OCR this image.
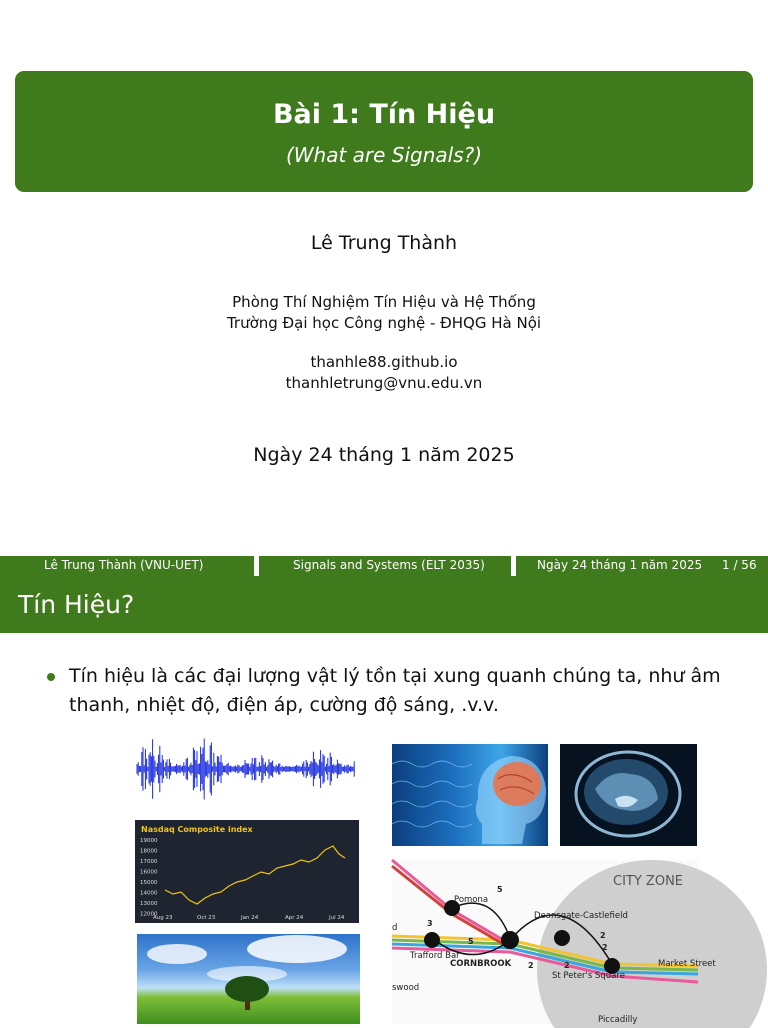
Bài 1: Tín Hiệu
(What are Signals?)
Lê Trung Thành
Phòng Thí Nghiệm Tín Hiệu và Hệ Thống
Trường Đại học Công nghệ - ĐHQG Hà Nội
thanhle88.github.io
thanhletrung@vnu.edu.vn
Ngày 24 tháng 1 năm 2025
Lê Trung Thành (VNU-UET)	Signals and Systems (ELT 2035)	Ngày 24 tháng 1 năm 2025 1 / 56
Tín Hiệu?
Tín hiệu là các đại lượng vật lý tồn tại xung quanh chúng ta, như âm
thanh, nhiệt độ, điện áp, cường độ sáng, .v.v.
Nasdaq Composite index
19000
18000
17000
16000
15000
14000
13000
12000
Aug 23	Oct 23	Jan 24	Apr 24	Jul 24
CITY ZONE
Pomona
Deansgate-Castlefield
Trafford Bar
CORNBROOK
St Peter's Square
Market Street
Piccadilly
swood
d	3
5
5
2	2
2
2
